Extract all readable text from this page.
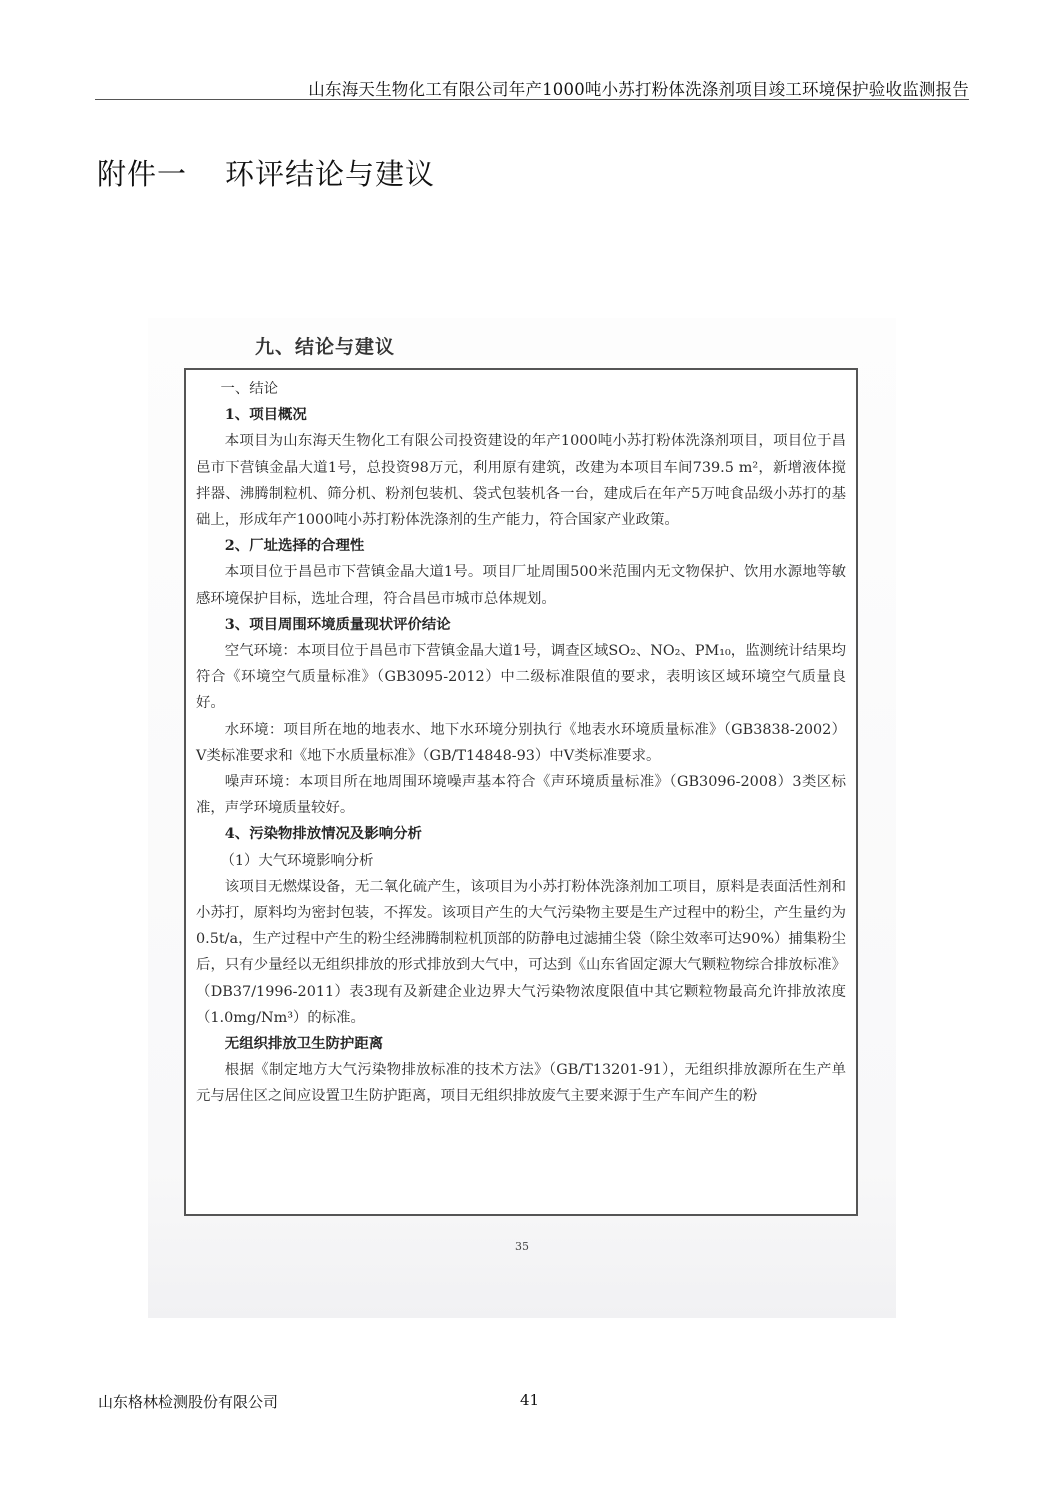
山东海天生物化工有限公司年产1000吨小苏打粉体洗涤剂项目竣工环境保护验收监测报告
附件一 环评结论与建议
九、结论与建议

一、结论

1、项目概况

本项目为山东海天生物化工有限公司投资建设的年产1000吨小苏打粉体洗涤剂项目，项目位于昌邑市下营镇金晶大道1号，总投资98万元，利用原有建筑，改建为本项目车间739.5 m²，新增液体搅拌器、沸腾制粒机、筛分机、粉剂包装机、袋式包装机各一台，建成后在年产5万吨食品级小苏打的基础上，形成年产1000吨小苏打粉体洗涤剂的生产能力，符合国家产业政策。

2、厂址选择的合理性

本项目位于昌邑市下营镇金晶大道1号。项目厂址周围500米范围内无文物保护、饮用水源地等敏感环境保护目标，选址合理，符合昌邑市城市总体规划。

3、项目周围环境质量现状评价结论

空气环境：本项目位于昌邑市下营镇金晶大道1号，调查区域SO₂、NO₂、PM₁₀，监测统计结果均符合《环境空气质量标准》（GB3095-2012）中二级标准限值的要求，表明该区域环境空气质量良好。

水环境：项目所在地的地表水、地下水环境分别执行《地表水环境质量标准》（GB3838-2002）V类标准要求和《地下水质量标准》（GB/T14848-93）中V类标准要求。

噪声环境：本项目所在地周围环境噪声基本符合《声环境质量标准》（GB3096-2008）3类区标准，声学环境质量较好。

4、污染物排放情况及影响分析

（1）大气环境影响分析

该项目无燃煤设备，无二氧化硫产生，该项目为小苏打粉体洗涤剂加工项目，原料是表面活性剂和小苏打，原料均为密封包装，不挥发。该项目产生的大气污染物主要是生产过程中的粉尘，产生量约为0.5t/a，生产过程中产生的粉尘经沸腾制粒机顶部的防静电过滤捕尘袋（除尘效率可达90%）捕集粉尘后，只有少量经以无组织排放的形式排放到大气中，可达到《山东省固定源大气颗粒物综合排放标准》（DB37/1996-2011）表3现有及新建企业边界大气污染物浓度限值中其它颗粒物最高允许排放浓度（1.0mg/Nm³）的标准。

无组织排放卫生防护距离

根据《制定地方大气污染物排放标准的技术方法》（GB/T13201-91），无组织排放源所在生产单元与居住区之间应设置卫生防护距离，项目无组织排放废气主要来源于生产车间产生的粉

35
山东格林检测股份有限公司	41
